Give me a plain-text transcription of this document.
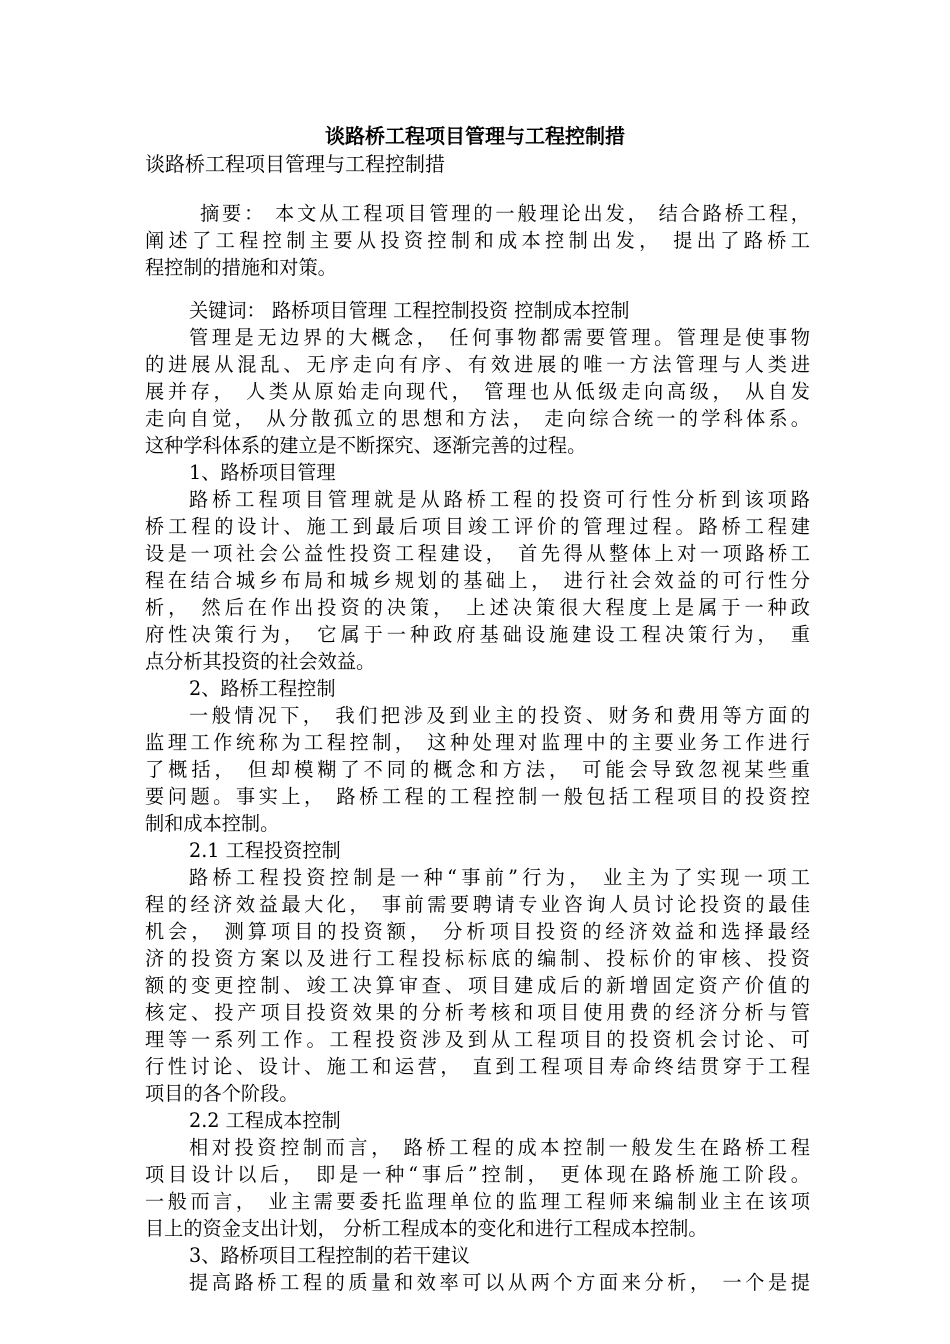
谈路桥工程项目管理与工程控制措
谈路桥工程项目管理与工程控制措
摘要： 本文从工程项目管理的一般理论出发， 结合路桥工程，
阐述了工程控制主要从投资控制和成本控制出发， 提出了路桥工
程控制的措施和对策。
关键词： 路桥项目管理 工程控制投资 控制成本控制
管理是无边界的大概念， 任何事物都需要管理。管理是使事物
的进展从混乱、无序走向有序、有效进展的唯一方法管理与人类进
展并存， 人类从原始走向现代， 管理也从低级走向高级， 从自发
走向自觉， 从分散孤立的思想和方法， 走向综合统一的学科体系。
这种学科体系的建立是不断探究、逐渐完善的过程。
1、路桥项目管理
路桥工程项目管理就是从路桥工程的投资可行性分析到该项路
桥工程的设计、施工到最后项目竣工评价的管理过程。路桥工程建
设是一项社会公益性投资工程建设， 首先得从整体上对一项路桥工
程在结合城乡布局和城乡规划的基础上， 进行社会效益的可行性分
析， 然后在作出投资的决策， 上述决策很大程度上是属于一种政
府性决策行为， 它属于一种政府基础设施建设工程决策行为， 重
点分析其投资的社会效益。
2、路桥工程控制
一般情况下， 我们把涉及到业主的投资、财务和费用等方面的
监理工作统称为工程控制， 这种处理对监理中的主要业务工作进行
了概括， 但却模糊了不同的概念和方法， 可能会导致忽视某些重
要问题。事实上， 路桥工程的工程控制一般包括工程项目的投资控
制和成本控制。
2.1 工程投资控制
路桥工程投资控制是一种“事前”行为， 业主为了实现一项工
程的经济效益最大化， 事前需要聘请专业咨询人员讨论投资的最佳
机会， 测算项目的投资额， 分析项目投资的经济效益和选择最经
济的投资方案以及进行工程投标标底的编制、投标价的审核、投资
额的变更控制、竣工决算审查、项目建成后的新增固定资产价值的
核定、投产项目投资效果的分析考核和项目使用费的经济分析与管
理等一系列工作。工程投资涉及到从工程项目的投资机会讨论、可
行性讨论、设计、施工和运营， 直到工程项目寿命终结贯穿于工程
项目的各个阶段。
2.2 工程成本控制
相对投资控制而言， 路桥工程的成本控制一般发生在路桥工程
项目设计以后， 即是一种“事后”控制， 更体现在路桥施工阶段。
一般而言， 业主需要委托监理单位的监理工程师来编制业主在该项
目上的资金支出计划， 分析工程成本的变化和进行工程成本控制。
3、路桥项目工程控制的若干建议
提高路桥工程的质量和效率可以从两个方面来分析， 一个是提
